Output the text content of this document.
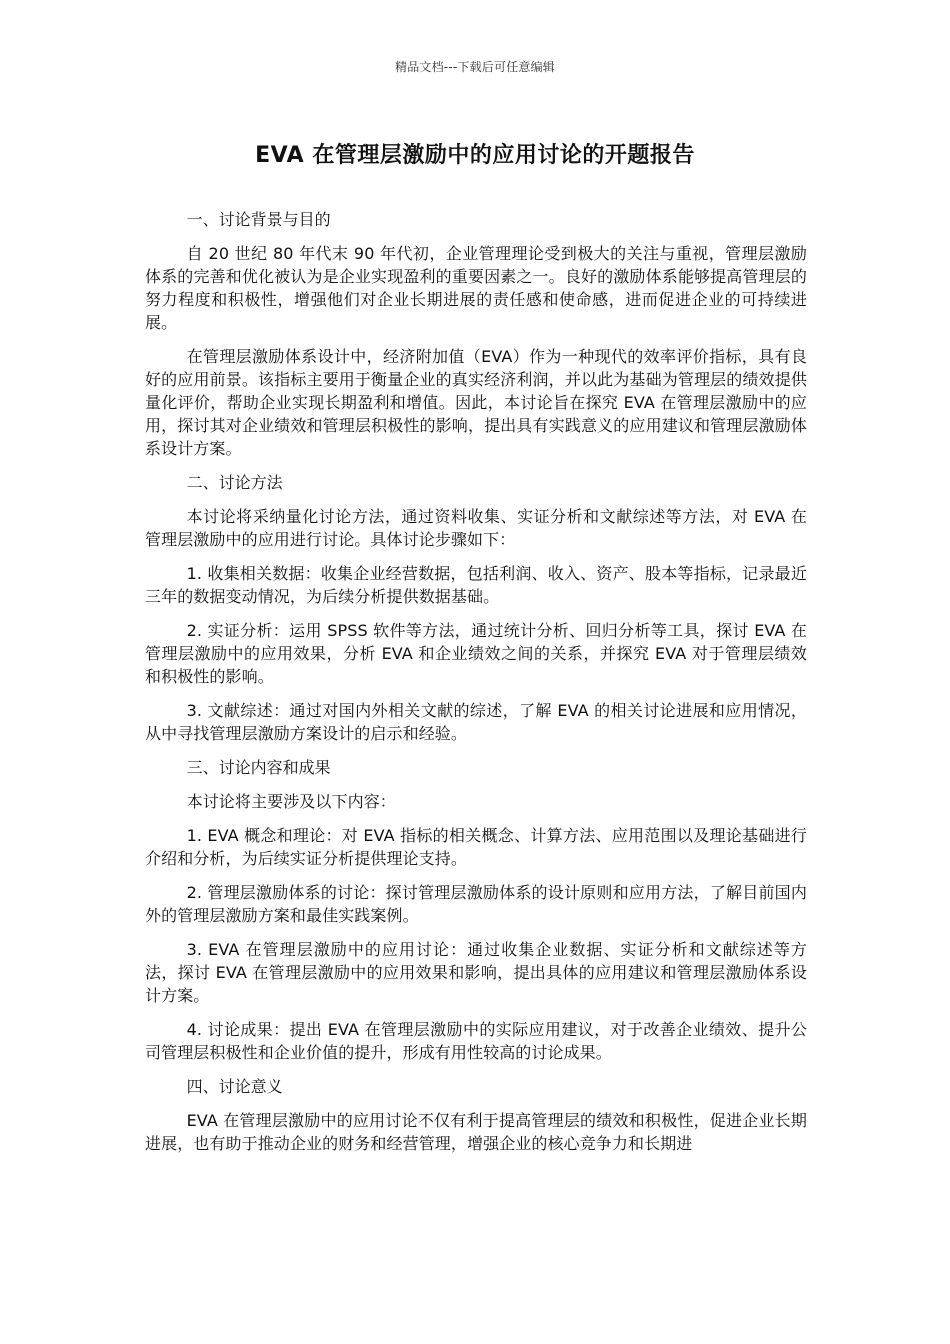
精品文档---下载后可任意编辑
EVA 在管理层激励中的应用讨论的开题报告

一、讨论背景与目的

自 20 世纪 80 年代末 90 年代初，企业管理理论受到极大的关注与重视，管理层激励体系的完善和优化被认为是企业实现盈利的重要因素之一。良好的激励体系能够提高管理层的努力程度和积极性，增强他们对企业长期进展的责任感和使命感，进而促进企业的可持续进展。

在管理层激励体系设计中，经济附加值（EVA）作为一种现代的效率评价指标，具有良好的应用前景。该指标主要用于衡量企业的真实经济利润，并以此为基础为管理层的绩效提供量化评价，帮助企业实现长期盈利和增值。因此，本讨论旨在探究 EVA 在管理层激励中的应用，探讨其对企业绩效和管理层积极性的影响，提出具有实践意义的应用建议和管理层激励体系设计方案。

二、讨论方法

本讨论将采纳量化讨论方法，通过资料收集、实证分析和文献综述等方法，对 EVA 在管理层激励中的应用进行讨论。具体讨论步骤如下：

1. 收集相关数据：收集企业经营数据，包括利润、收入、资产、股本等指标，记录最近三年的数据变动情况，为后续分析提供数据基础。

2. 实证分析：运用 SPSS 软件等方法，通过统计分析、回归分析等工具，探讨 EVA 在管理层激励中的应用效果，分析 EVA 和企业绩效之间的关系，并探究 EVA 对于管理层绩效和积极性的影响。

3. 文献综述：通过对国内外相关文献的综述，了解 EVA 的相关讨论进展和应用情况，从中寻找管理层激励方案设计的启示和经验。

三、讨论内容和成果

本讨论将主要涉及以下内容：

1. EVA 概念和理论：对 EVA 指标的相关概念、计算方法、应用范围以及理论基础进行介绍和分析，为后续实证分析提供理论支持。

2. 管理层激励体系的讨论：探讨管理层激励体系的设计原则和应用方法，了解目前国内外的管理层激励方案和最佳实践案例。

3. EVA 在管理层激励中的应用讨论：通过收集企业数据、实证分析和文献综述等方法，探讨 EVA 在管理层激励中的应用效果和影响，提出具体的应用建议和管理层激励体系设计方案。

4. 讨论成果：提出 EVA 在管理层激励中的实际应用建议，对于改善企业绩效、提升公司管理层积极性和企业价值的提升，形成有用性较高的讨论成果。

四、讨论意义

EVA 在管理层激励中的应用讨论不仅有利于提高管理层的绩效和积极性，促进企业长期进展，也有助于推动企业的财务和经营管理，增强企业的核心竞争力和长期进
